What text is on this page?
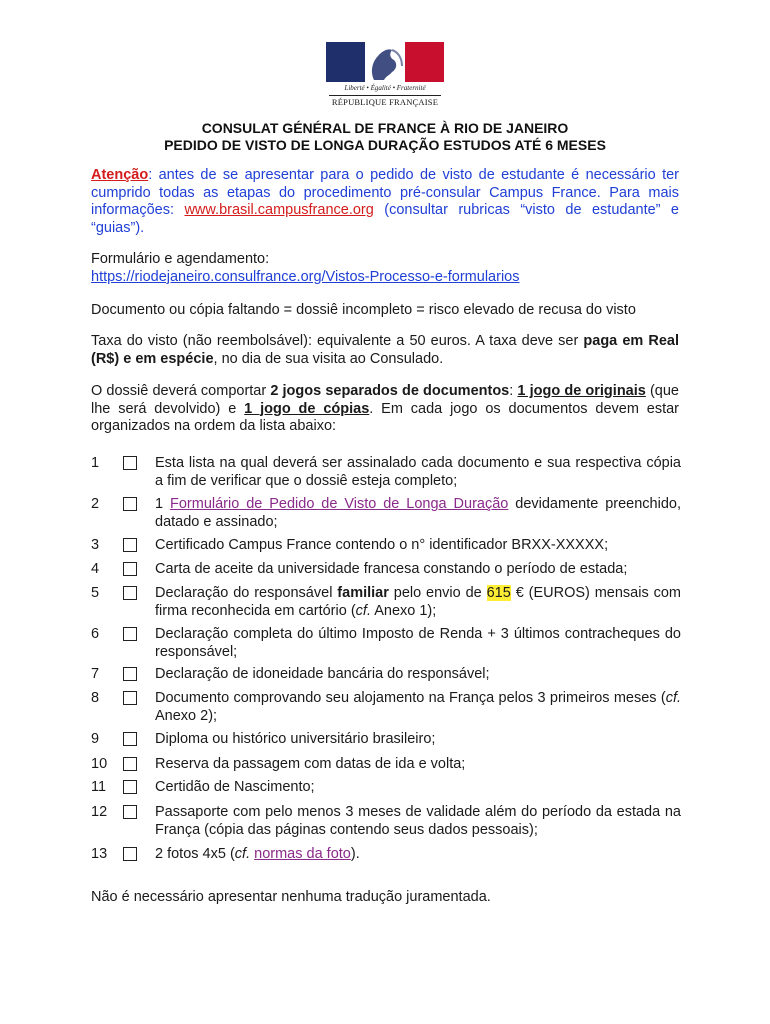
Liberté • Égalité • Fraternité
RÉPUBLIQUE FRANÇAISE
CONSULAT GÉNÉRAL DE FRANCE À RIO DE JANEIRO
PEDIDO DE VISTO DE LONGA DURAÇÃO ESTUDOS ATÉ 6 MESES
Atenção: antes de se apresentar para o pedido de visto de estudante é necessário ter cumprido todas as etapas do procedimento pré-consular Campus France. Para mais informações: www.brasil.campusfrance.org (consultar rubricas “visto de estudante” e “guias”).
Formulário e agendamento:
https://riodejaneiro.consulfrance.org/Vistos-Processo-e-formularios
Documento ou cópia faltando = dossiê incompleto = risco elevado de recusa do visto
Taxa do visto (não reembolsável): equivalente a 50 euros. A taxa deve ser paga em Real (R$) e em espécie, no dia de sua visita ao Consulado.
O dossiê deverá comportar 2 jogos separados de documentos: 1 jogo de originais (que lhe será devolvido) e 1 jogo de cópias. Em cada jogo os documentos devem estar organizados na ordem da lista abaixo:
1	Esta lista na qual deverá ser assinalado cada documento e sua respectiva cópia a fim de verificar que o dossiê esteja completo;
2	1 Formulário de Pedido de Visto de Longa Duração devidamente preenchido, datado e assinado;
3	Certificado Campus France contendo o n° identificador BRXX-XXXXX;
4	Carta de aceite da universidade francesa constando o período de estada;
5	Declaração do responsável familiar pelo envio de 615 € (EUROS) mensais com firma reconhecida em cartório (cf. Anexo 1);
6	Declaração completa do último Imposto de Renda + 3 últimos contracheques do responsável;
7	Declaração de idoneidade bancária do responsável;
8	Documento comprovando seu alojamento na França pelos 3 primeiros meses (cf. Anexo 2);
9	Diploma ou histórico universitário brasileiro;
10	Reserva da passagem com datas de ida e volta;
11	Certidão de Nascimento;
12	Passaporte com pelo menos 3 meses de validade além do período da estada na França (cópia das páginas contendo seus dados pessoais);
13	2 fotos 4x5 (cf. normas da foto).
Não é necessário apresentar nenhuma tradução juramentada.
